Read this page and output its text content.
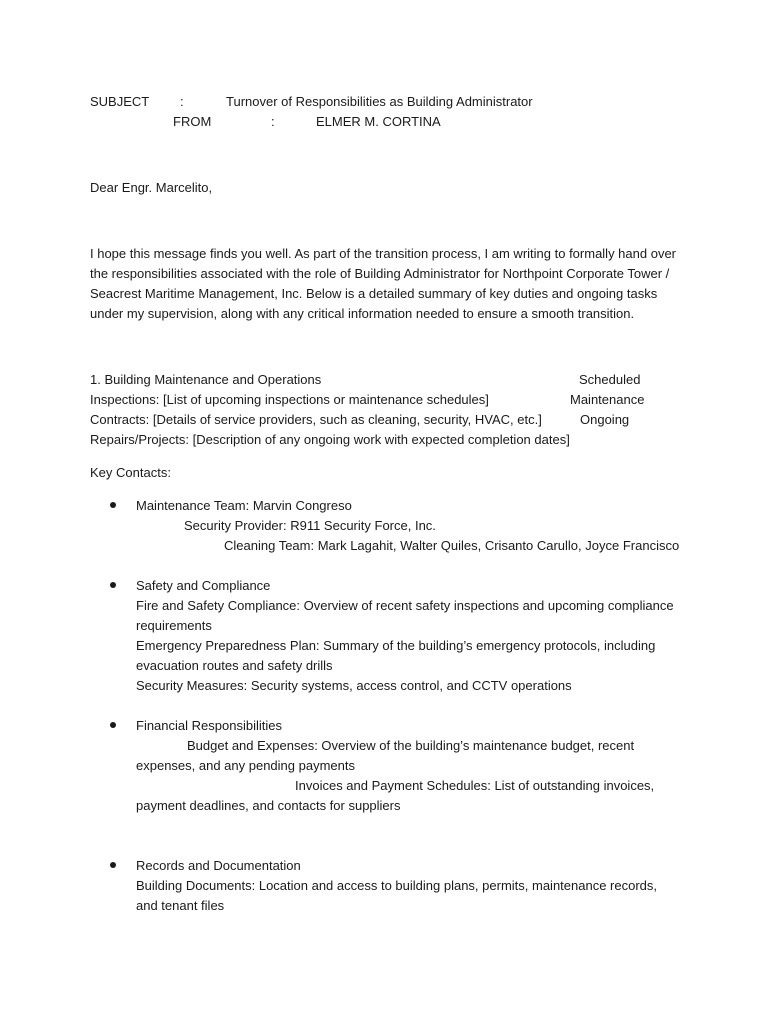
SUBJECT :	Turnover of Responsibilities as Building Administrator
FROM	:	ELMER M. CORTINA
Dear Engr. Marcelito,
I hope this message finds you well. As part of the transition process, I am writing to formally hand over the responsibilities associated with the role of Building Administrator for Northpoint Corporate Tower / Seacrest Maritime Management, Inc. Below is a detailed summary of key duties and ongoing tasks under my supervision, along with any critical information needed to ensure a smooth transition.
1. Building Maintenance and Operations	Scheduled
Inspections: [List of upcoming inspections or maintenance schedules]	Maintenance
Contracts: [Details of service providers, such as cleaning, security, HVAC, etc.]	Ongoing
Repairs/Projects: [Description of any ongoing work with expected completion dates]
Key Contacts:
Maintenance Team: Marvin Congreso
Security Provider: R911 Security Force, Inc.
Cleaning Team: Mark Lagahit, Walter Quiles, Crisanto Carullo, Joyce Francisco
Safety and Compliance
Fire and Safety Compliance: Overview of recent safety inspections and upcoming compliance requirements
Emergency Preparedness Plan: Summary of the building’s emergency protocols, including evacuation routes and safety drills
Security Measures: Security systems, access control, and CCTV operations
Financial Responsibilities
Budget and Expenses: Overview of the building’s maintenance budget, recent
expenses, and any pending payments
Invoices and Payment Schedules: List of outstanding invoices,
payment deadlines, and contacts for suppliers
Records and Documentation
Building Documents: Location and access to building plans, permits, maintenance records, and tenant files
